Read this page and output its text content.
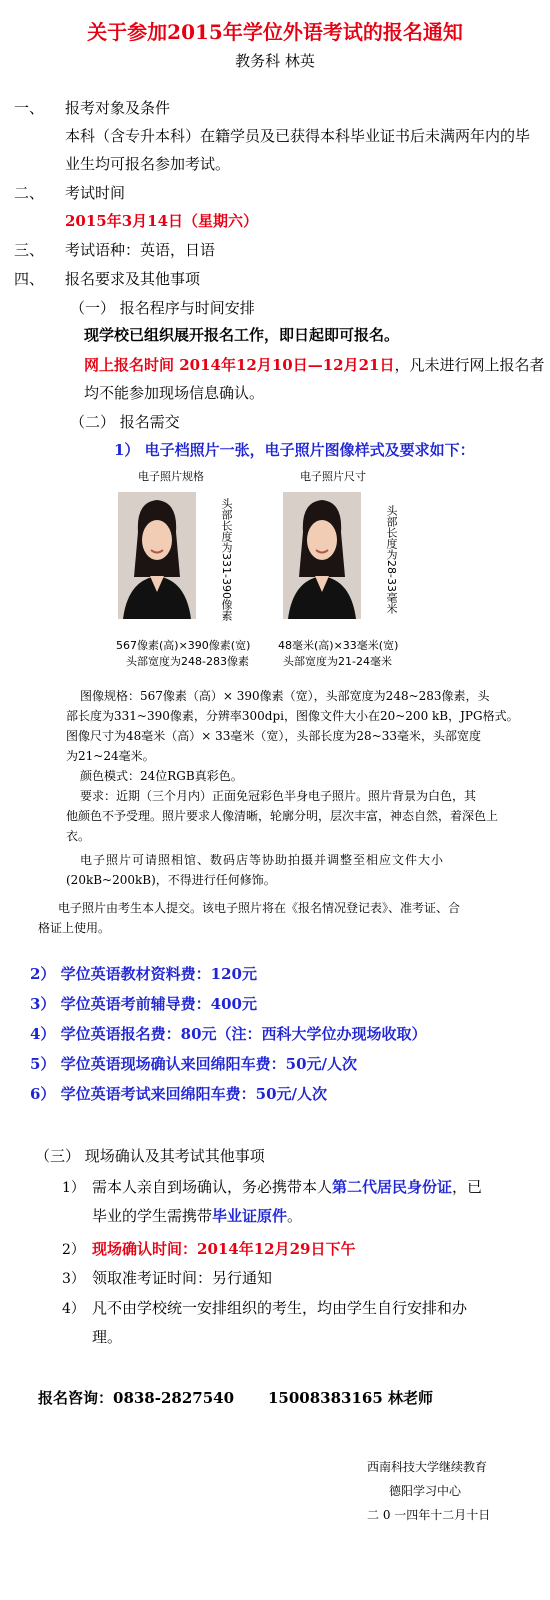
关于参加2015年学位外语考试的报名通知
教务科 林英
一、 报考对象及条件
本科（含专升本科）在籍学员及已获得本科毕业证书后未满两年内的毕
业生均可报名参加考试。
二、 考试时间
2015年3月14日（星期六）
三、 考试语种：英语，日语
四、 报名要求及其他事项
（一） 报名程序与时间安排
现学校已组织展开报名工作，即日起即可报名。
网上报名时间 2014年12月10日—12月21日，凡未进行网上报名者
均不能参加现场信息确认。
（二） 报名需交
1） 电子档照片一张，电子照片图像样式及要求如下：
电子照片规格	电子照片尺寸
头部长度为331-390像素	头部长度为28-33毫米
567像素(高)×390像素(宽)
头部宽度为248-283像素
48毫米(高)×33毫米(宽)
头部宽度为21-24毫米
图像规格：567像素（高）× 390像素（宽），头部宽度为248~283像素，头
部长度为331~390像素，分辨率300dpi，图像文件大小在20~200 kB，JPG格式。
图像尺寸为48毫米（高）× 33毫米（宽），头部长度为28~33毫米，头部宽度
为21~24毫米。
颜色模式：24位RGB真彩色。
要求：近期（三个月内）正面免冠彩色半身电子照片。照片背景为白色，其
他颜色不予受理。照片要求人像清晰，轮廓分明，层次丰富，神态自然，着深色上
衣。
电子照片可请照相馆、数码店等协助拍摄并调整至相应文件大小
(20kB~200kB)，不得进行任何修饰。
电子照片由考生本人提交。该电子照片将在《报名情况登记表》、准考证、合
格证上使用。
2） 学位英语教材资料费：120元
3） 学位英语考前辅导费：400元
4） 学位英语报名费：80元（注：西科大学位办现场收取）
5） 学位英语现场确认来回绵阳车费：50元/人次
6） 学位英语考试来回绵阳车费：50元/人次
（三） 现场确认及其考试其他事项
1） 需本人亲自到场确认，务必携带本人第二代居民身份证，已
毕业的学生需携带毕业证原件。
2） 现场确认时间：2014年12月29日下午
3） 领取准考证时间：另行通知
4） 凡不由学校统一安排组织的考生，均由学生自行安排和办
理。
报名咨询：0838-2827540 15008383165 林老师
西南科技大学继续教育
德阳学习中心
二 0 一四年十二月十日
